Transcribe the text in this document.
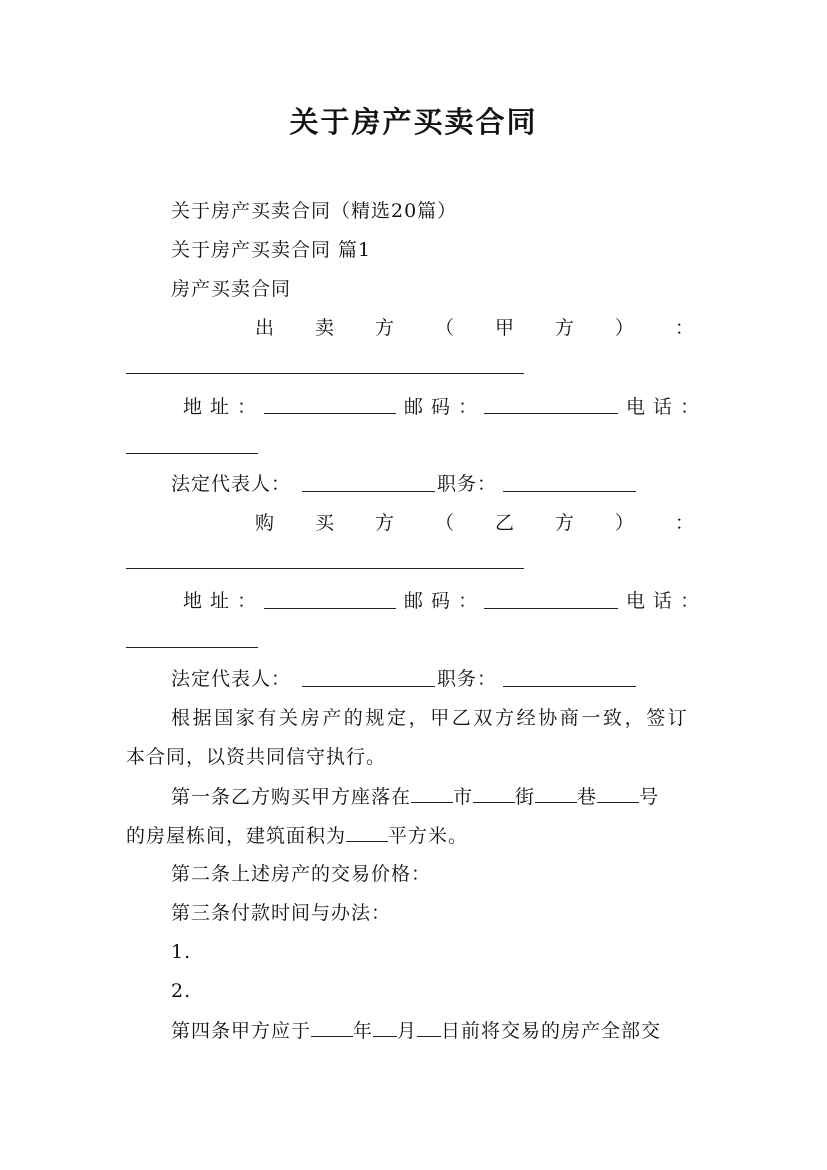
关于房产买卖合同
关于房产买卖合同（精选20篇）
关于房产买卖合同 篇1
房产买卖合同
出 卖 方 （ 甲 方 ） ：
地 址 ：	邮 码 ：	电 话 ：
法定代表人：	职务：
购 买 方 （ 乙 方 ） ：
地 址 ：	邮 码 ：	电 话 ：
法定代表人：	职务：
根据国家有关房产的规定，甲乙双方经协商一致，签订
本合同，以资共同信守执行。
第一条乙方购买甲方座落在 市 街 巷 号
的房屋栋间，建筑面积为 平方米。
第二条上述房产的交易价格：
第三条付款时间与办法：
1.
2.
第四条甲方应于 年 月 日前将交易的房产全部交
